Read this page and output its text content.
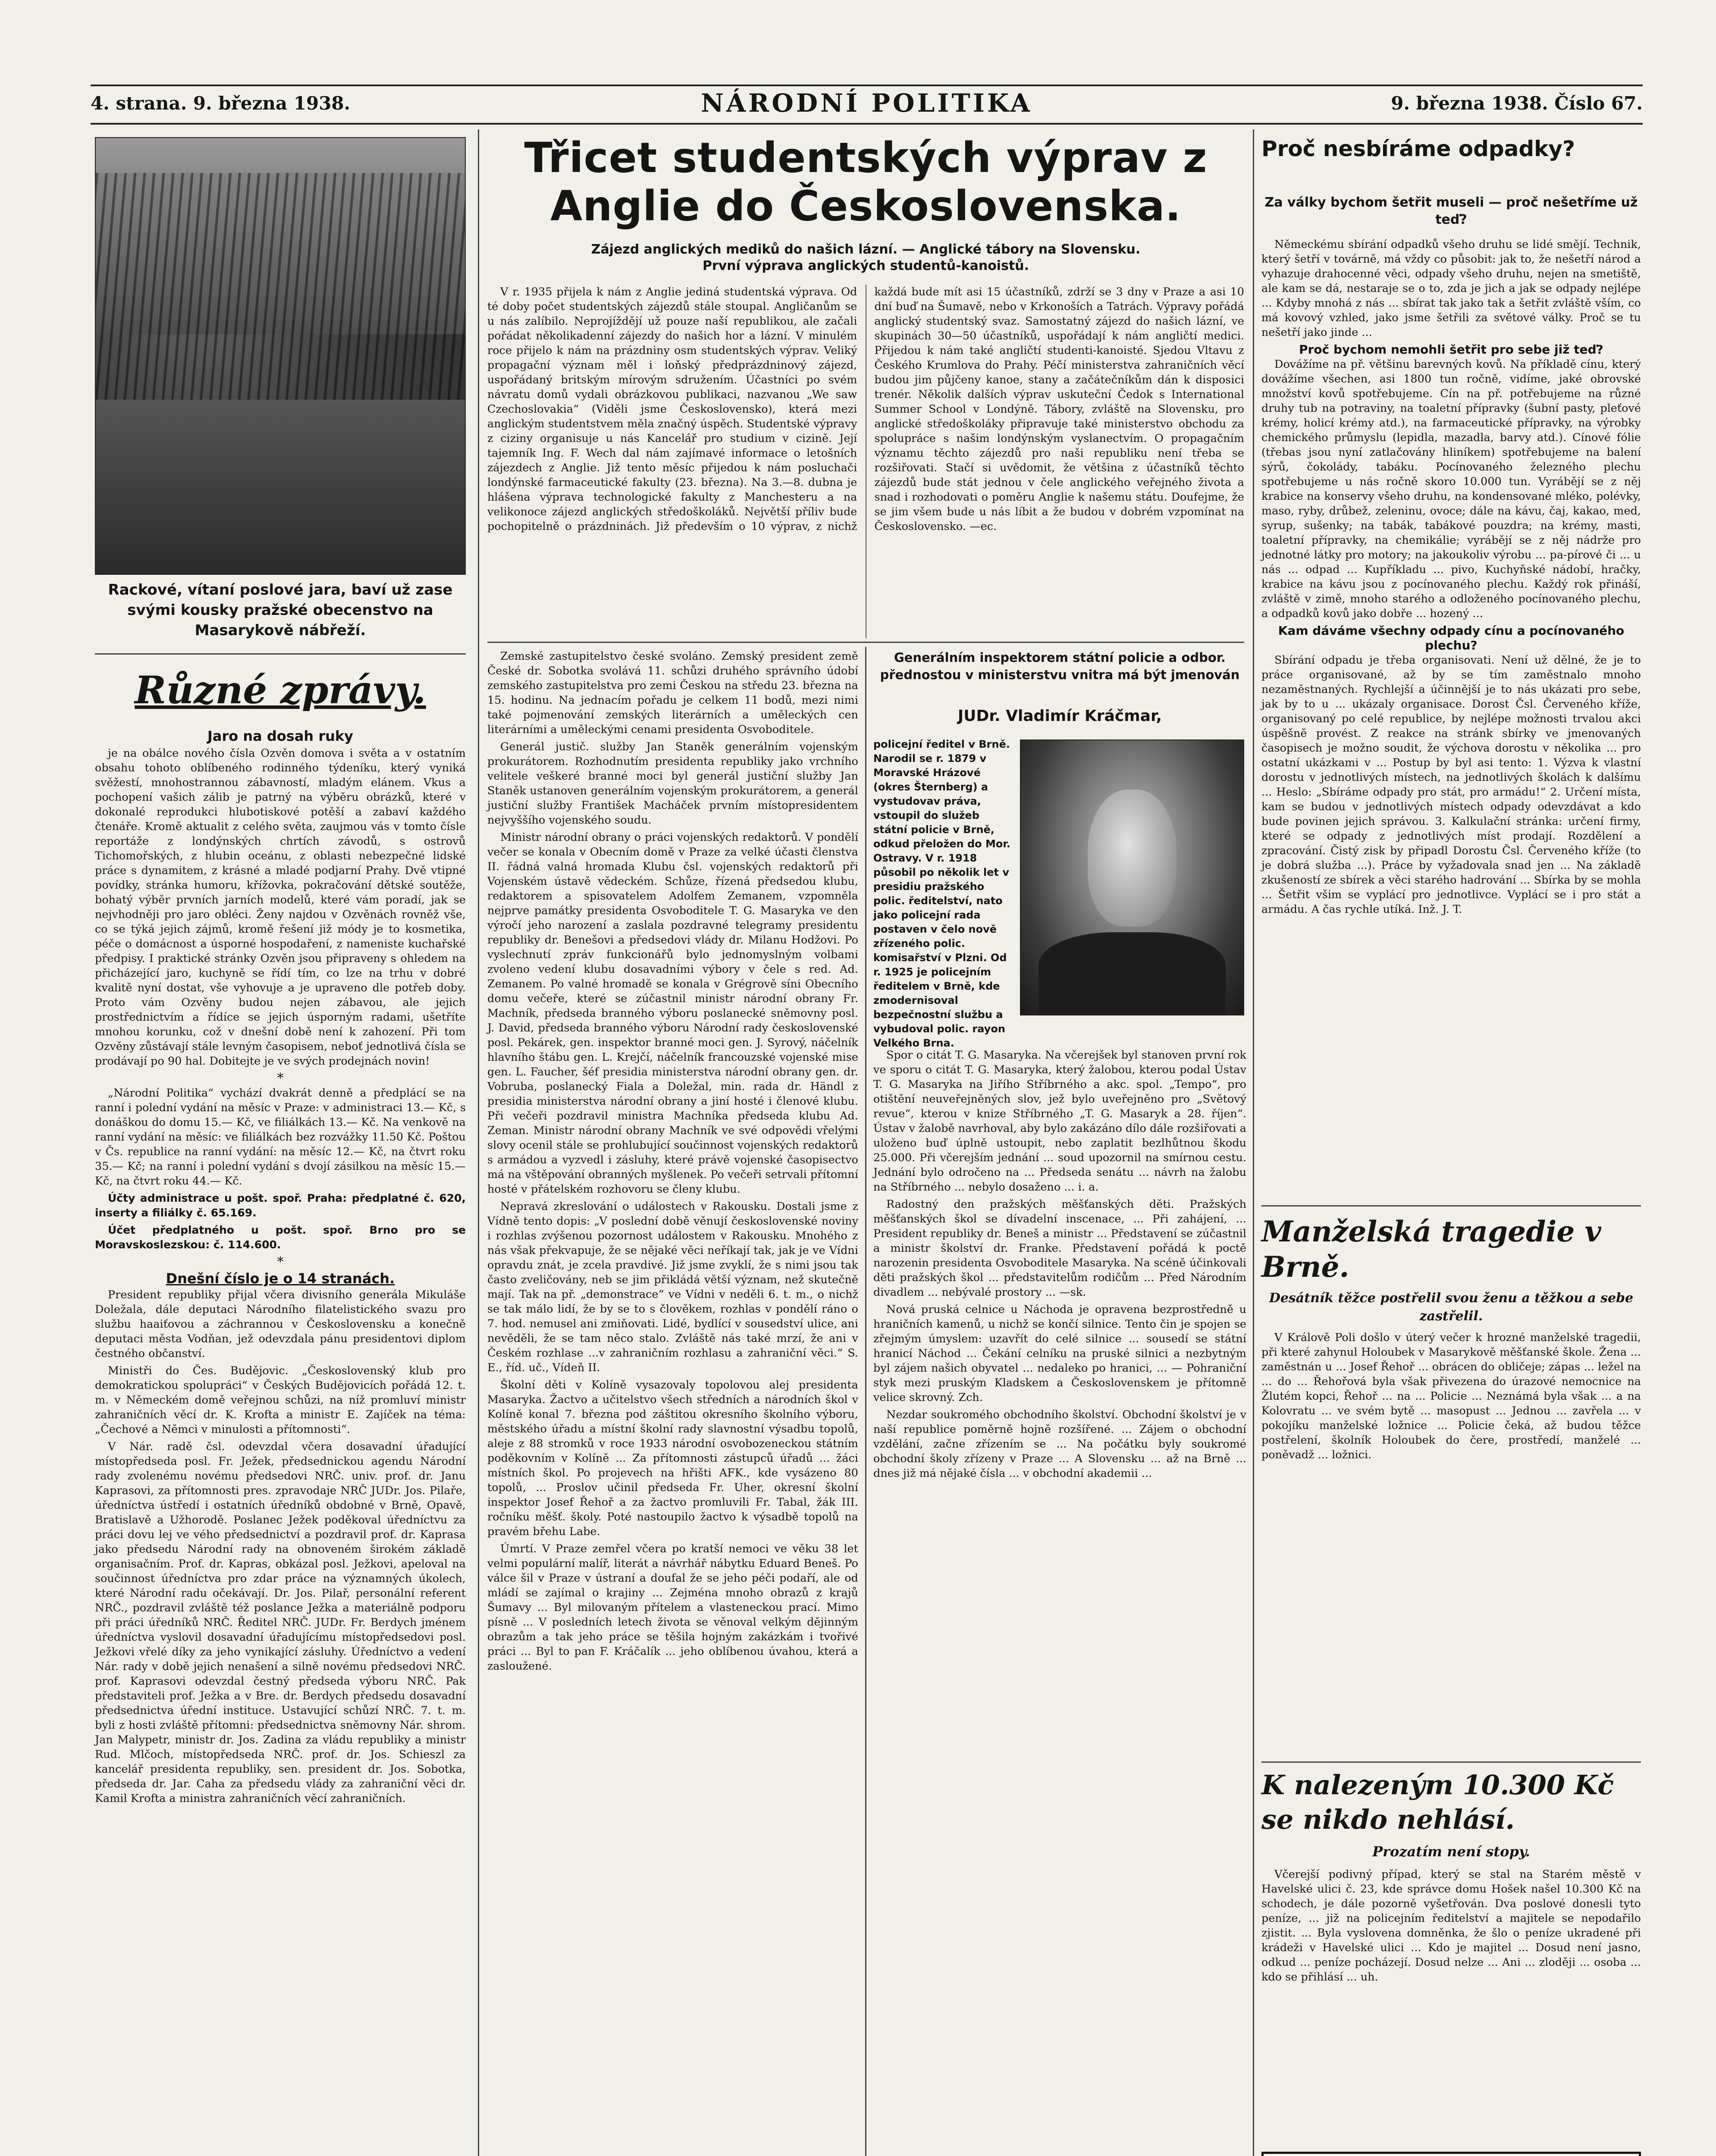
4. strana. 9. března 1938.	NÁRODNÍ POLITIKA	9. března 1938. Číslo 67.
Rackové, vítaní poslové jara, baví už zase svými kousky pražské obecenstvo na Masarykově nábřeží.
Různé zprávy.
Jaro na dosah ruky

je na obálce nového čísla Ozvěn domova i světa a v ostatním obsahu tohoto oblíbeného rodinného týdeníku, který vyniká svěžestí, mnohostrannou zábavností, mladým elánem. Vkus a pochopení vašich zálib je patrný na výběru obrázků, které v dokonalé reprodukci hlubotiskové potěší a zabaví každého čtenáře. Kromě aktualit z celého světa, zaujmou vás v tomto čísle reportáže z londýnských chrtích závodů, s ostrovů Tichomořských, z hlubin oceánu, z oblasti nebezpečné lidské práce s dynamitem, z krásné a mladé podjarní Prahy. Dvě vtipné povídky, stránka humoru, křížovka, pokračování dětské soutěže, bohatý výběr prvních jarních modelů, které vám poradí, jak se nejvhodněji pro jaro obléci. Ženy najdou v Ozvěnách rovněž vše, co se týká jejich zájmů, kromě řešení již módy je to kosmetika, péče o domácnost a úsporné hospodaření, z nameniste kuchařské předpisy. I praktické stránky Ozvěn jsou připraveny s ohledem na přicházející jaro, kuchyně se řídí tím, co lze na trhu v dobré kvalitě nyní dostat, vše vyhovuje a je upraveno dle potřeb doby. Proto vám Ozvěny budou nejen zábavou, ale jejich prostřednictvím a řídíce se jejich úsporným radami, ušetříte mnohou korunku, což v dnešní době není k zahození. Při tom Ozvěny zůstávají stále levným časopisem, neboť jednotlivá čísla se prodávají po 90 hal. Dobitejte je ve svých prodejnách novin!

*

„Národní Politika“ vychází dvakrát denně a předplácí se na ranní i polední vydání na měsíc v Praze: v administraci 13.— Kč, s donáškou do domu 15.— Kč, ve filiálkách 13.— Kč. Na venkově na ranní vydání na měsíc: ve filiálkách bez rozvážky 11.50 Kč. Poštou v Čs. republice na ranní vydání: na měsíc 12.— Kč, na čtvrt roku 35.— Kč; na ranní i polední vydání s dvojí zásilkou na měsíc 15.— Kč, na čtvrt roku 44.— Kč.

Účty administrace u pošt. spoř. Praha: předplatné č. 620, inserty a filiálky č. 65.169.

Účet předplatného u pošt. spoř. Brno pro se Moravskoslezskou: č. 114.600.

*
Dnešní číslo je o 14 stranách.

President republiky přijal včera divisního generála Mikuláše Doležala, dále deputaci Národního filatelistického svazu pro službu haaiťovou a záchrannou v Československu a konečně deputaci města Vodňan, jež odevzdala pánu presidentovi diplom čestného občanství.

Ministři do Čes. Budějovic. „Československý klub pro demokratickou spolupráci“ v Českých Budějovicích pořádá 12. t. m. v Německém domě veřejnou schůzi, na níž promluví ministr zahraničních věcí dr. K. Krofta a ministr E. Zajíček na téma: „Čechové a Němci v minulosti a přítomnosti“.

V Nár. radě čsl. odevzdal včera dosavadní úřadující místopředseda posl. Fr. Ježek, předsednickou agendu Národní rady zvolenému novému předsedovi NRČ. univ. prof. dr. Janu Kaprasovi, za přítomnosti pres. zpravodaje NRČ JUDr. Jos. Pilaře, úředníctva ústředí i ostatních úředníků obdobné v Brně, Opavě, Bratislavě a Užhorodě. Poslanec Ježek poděkoval úředníctvu za práci dovu lej ve vého předsednictví a pozdravil prof. dr. Kaprasa jako předsedu Národní rady na obnoveném širokém základě organisačním. Prof. dr. Kapras, obkázal posl. Ježkovi, apeloval na součinnost úředníctva pro zdar práce na významných úkolech, které Národní radu očekávají. Dr. Jos. Pilař, personální referent NRČ., pozdravil zvláště též poslance Ježka a materiálně podporu při práci úředníků NRČ. Ředitel NRČ. JUDr. Fr. Berdych jménem úředníctva vyslovil dosavadní úřadujícímu místopředsedovi posl. Ježkovi vřelé díky za jeho vynikající zásluhy. Úředníctvo a vedení Nár. rady v době jejich nenašení a silně novému předsedovi NRČ. prof. Kaprasovi odevzdal čestný předseda výboru NRČ. Pak představiteli prof. Ježka a v Bre. dr. Berdych předsedu dosavadní předsednictva úřední instituce. Ustavující schůzí NRČ. 7. t. m. byli z hosti zvláště přítomni: předsednictva sněmovny Nár. shrom. Jan Malypetr, ministr dr. Jos. Zadina za vládu republiky a ministr Rud. Mlčoch, místopředseda NRČ. prof. dr. Jos. Schieszl za kancelář presidenta republiky, sen. president dr. Jos. Sobotka, předseda dr. Jar. Caha za předsedu vlády za zahraniční věci dr. Kamil Krofta a ministra zahraničních věcí zahraničních.

Třicet studentských výprav z Anglie do Československa.
Zájezd anglických mediků do našich lázní. — Anglické tábory na Slovensku.
První výprava anglických studentů-kanoistů.

V r. 1935 přijela k nám z Anglie jediná studentská výprava. Od té doby počet studentských zájezdů stále stoupal. Angličanům se u nás zalíbilo. Neprojíždějí už pouze naší republikou, ale začali pořádat několikadenní zájezdy do našich hor a lázní. V minulém roce přijelo k nám na prázdniny osm studentských výprav. Veliký propagační význam měl i loňský předprázdninový zájezd, uspořádaný britským mírovým sdružením. Účastníci po svém návratu domů vydali obrázkovou publikaci, nazvanou „We saw Czechoslovakia“ (Viděli jsme Československo), která mezi anglickým studentstvem měla značný úspěch. Studentské výpravy z ciziny organisuje u nás Kancelář pro studium v cizině. Její tajemník Ing. F. Wech dal nám zajímavé informace o letošních zájezdech z Anglie. Již tento měsíc přijedou k nám posluchači londýnské farmaceutické fakulty (23. března). Na 3.—8. dubna je hlášena výprava technologické fakulty z Manchesteru a na velikonoce zájezd anglických středoškoláků. Největší příliv bude pochopitelně o prázdninách. Již především o 10 výprav, z nichž každá bude mít asi 15 účastníků, zdrží se 3 dny v Praze a asi 10 dní buď na Šumavě, nebo v Krkonoších a Tatrách. Výpravy pořádá anglický studentský svaz. Samostatný zájezd do našich lázní, ve skupinách 30—50 účastníků, uspořádají k nám angličtí medici. Přijedou k nám také angličtí studenti-kanoisté. Sjedou Vltavu z Českého Krumlova do Prahy. Péčí ministerstva zahraničních věcí budou jim půjčeny kanoe, stany a začátečníkům dán k disposici trenér. Několik dalších výprav uskuteční Čedok s International Summer School v Londýně. Tábory, zvláště na Slovensku, pro anglické středoškoláky připravuje také ministerstvo obchodu za spolupráce s našim londýnským vyslanectvím. O propagačním významu těchto zájezdů pro naši republiku není třeba se rozšiřovati. Stačí si uvědomit, že většina z účastníků těchto zájezdů bude stát jednou v čele anglického veřejného života a snad i rozhodovati o poměru Anglie k našemu státu. Doufejme, že se jim všem bude u nás líbit a že budou v dobrém vzpomínat na Československo. —ec.

Zemské zastupitelstvo české svoláno. Zemský president země České dr. Sobotka svolává 11. schůzi druhého správního údobí zemského zastupitelstva pro zemi Českou na středu 23. března na 15. hodinu. Na jednacím pořadu je celkem 11 bodů, mezi nimi také pojmenování zemských literárních a uměleckých cen literárními a uměleckými cenami presidenta Osvoboditele.

Generál justič. služby Jan Staněk generálním vojenským prokurátorem. Rozhodnutím presidenta republiky jako vrchního velitele veškeré branné moci byl generál justiční služby Jan Staněk ustanoven generálním vojenským prokurátorem, a generál justiční služby František Macháček prvním místopresidentem nejvyššího vojenského soudu.

Ministr národní obrany o práci vojenských redaktorů. V pondělí večer se konala v Obecním domě v Praze za velké účasti členstva II. řádná valná hromada Klubu čsl. vojenských redaktorů při Vojenském ústavě vědeckém. Schůze, řízená předsedou klubu, redaktorem a spisovatelem Adolfem Zemanem, vzpomněla nejprve památky presidenta Osvoboditele T. G. Masaryka ve den výročí jeho narození a zaslala pozdravné telegramy presidentu republiky dr. Benešovi a předsedovi vlády dr. Milanu Hodžovi. Po vyslechnutí zpráv funkcionářů bylo jednomyslným volbami zvoleno vedení klubu dosavadními výbory v čele s red. Ad. Zemanem. Po valné hromadě se konala v Grégrově síni Obecního domu večeře, které se zúčastnil ministr národní obrany Fr. Machník, předseda branného výboru poslanecké sněmovny posl. J. David, předseda branného výboru Národní rady československé posl. Pekárek, gen. inspektor branné moci gen. J. Syrový, náčelník hlavního štábu gen. L. Krejčí, náčelník francouzské vojenské mise gen. L. Faucher, šéf presidia ministerstva národní obrany gen. dr. Vobruba, poslanecký Fiala a Doležal, min. rada dr. Händl z presidia ministerstva národní obrany a jiní hosté i členové klubu. Při večeři pozdravil ministra Machníka předseda klubu Ad. Zeman. Ministr národní obrany Machník ve své odpovědi vřelými slovy ocenil stále se prohlubující součinnost vojenských redaktorů s armádou a vyzvedl i zásluhy, které právě vojenské časopisectvo má na vštěpování obranných myšlenek. Po večeři setrvali přítomní hosté v přátelském rozhovoru se členy klubu.

Nepravá zkreslování o událostech v Rakousku. Dostali jsme z Vídně tento dopis: „V poslední době věnují československé noviny i rozhlas zvýšenou pozornost událostem v Rakousku. Mnohého z nás však překvapuje, že se nějaké věci neříkají tak, jak je ve Vídni opravdu znát, je zcela pravdivé. Již jsme zvyklí, že s nimi jsou tak často zveličovány, neb se jim přikládá větší význam, než skutečně mají. Tak na př. „demonstrace“ ve Vídni v neděli 6. t. m., o nichž se tak málo lidí, že by se to s člověkem, rozhlas v pondělí ráno o 7. hod. nemusel ani zmiňovati. Lidé, bydlící v sousedství ulice, ani nevěděli, že se tam něco stalo. Zvláště nás také mrzí, že ani v Českém rozhlase ...v zahraničním rozhlasu a zahraniční věci.“ S. E., říd. uč., Vídeň II.

Školní děti v Kolíně vysazovaly topolovou alej presidenta Masaryka. Žactvo a učitelstvo všech středních a národních škol v Kolíně konal 7. března pod záštitou okresního školního výboru, městského úřadu a místní školní rady slavnostní výsadbu topolů, aleje z 88 stromků v roce 1933 národní osvobozeneckou státním poděkovním v Kolíně ... Za přítomnosti zástupců úřadů ... žáci místních škol. Po projevech na hřišti AFK., kde vysázeno 80 topolů, ... Proslov učinil předseda Fr. Uher, okresní školní inspektor Josef Řehoř a za žactvo promluvili Fr. Tabal, žák III. ročníku měšť. školy. Poté nastoupilo žactvo k výsadbě topolů na pravém břehu Labe.

Úmrtí. V Praze zemřel včera po kratší nemoci ve věku 38 let velmi populární malíř, literát a návrhář nábytku Eduard Beneš. Po válce šil v Praze v ústraní a doufal že se jeho péči podaří, ale od mládí se zajímal o krajiny ... Zejména mnoho obrazů z krajů Šumavy ... Byl milovaným přítelem a vlasteneckou prací. Mimo písně ... V posledních letech života se věnoval velkým dějinným obrazům a tak jeho práce se těšila hojným zakázkám i tvořivé práci ... Byl to pan F. Kráčalík ... jeho oblíbenou úvahou, která a zasloužené.

Generálním inspektorem státní policie a odbor. přednostou v ministerstvu vnitra má být jmenován
JUDr. Vladimír Kráčmar,
policejní ředitel v Brně. Narodil se r. 1879 v Moravské Hrázové (okres Šternberg) a vystudovav práva, vstoupil do služeb státní policie v Brně, odkud přeložen do Mor. Ostravy. V r. 1918 působil po několik let v presidiu pražského polic. ředitelství, nato jako policejní rada postaven v čelo nově zřízeného polic. komisařství v Plzni. Od r. 1925 je policejním ředitelem v Brně, kde zmodernisoval bezpečnostní službu a vybudoval polic. rayon Velkého Brna.

Spor o citát T. G. Masaryka. Na včerejšek byl stanoven první rok ve sporu o citát T. G. Masaryka, který žalobou, kterou podal Ústav T. G. Masaryka na Jiřího Stříbrného a akc. spol. „Tempo“, pro otištění neuveřejněných slov, jež bylo uveřejněno pro „Světový revue“, kterou v knize Stříbrného „T. G. Masaryk a 28. říjen“. Ústav v žalobě navrhoval, aby bylo zakázáno dílo dále rozšiřovati a uloženo buď úplně ustoupit, nebo zaplatit bezlhůtnou škodu 25.000. Při včerejším jednání ... soud upozornil na smírnou cestu. Jednání bylo odročeno na ... Předseda senátu ... návrh na žalobu na Stříbrného ... nebylo dosaženo ... i. a.

Radostný den pražských měšťanských děti. Pražských měšťanských škol se dívadelní inscenace, ... Při zahájení, ... President republiky dr. Beneš a ministr ... Představení se zúčastnil a ministr školství dr. Franke. Představení pořádá k poctě narozenin presidenta Osvoboditele Masaryka. Na scéně účinkovali děti pražských škol ... představitelům rodičům ... Před Národním divadlem ... nebývalé prostory ... —sk.

Nová pruská celnice u Náchoda je opravena bezprostředně u hraničních kamenů, u nichž se končí silnice. Tento čin je spojen se zřejmým úmyslem: uzavřít do celé silnice ... sousedí se státní hranicí Náchod ... Čekání celníku na pruské silnici a nezbytným byl zájem našich obyvatel ... nedaleko po hranici, ... — Pohraniční styk mezi pruským Kladskem a Československem je přítomně velice skrovný. Zch.

Nezdar soukromého obchodního školství. Obchodní školství je v naší republice poměrně hojně rozšířené. ... Zájem o obchodní vzdělání, začne zřízením se ... Na počátku byly soukromé obchodní školy zřízeny v Praze ... A Slovensku ... až na Brně ... dnes již má nějaké čísla ... v obchodní akademii ...

Proč nesbíráme odpadky?
Za války bychom šetřit museli — proč nešetříme už teď?

Německému sbírání odpadků všeho druhu se lidé smějí. Technik, který šetří v továrně, má vždy co působit: jak to, že nešetří národ a vyhazuje drahocenné věci, odpady všeho druhu, nejen na smetiště, ale kam se dá, nestaraje se o to, zda je jich a jak se odpady nejlépe ... Kdyby mnohá z nás ... sbírat tak jako tak a šetřit zvláště vším, co má kovový vzhled, jako jsme šetřili za světové války. Proč se tu nešetří jako jinde ...

Proč bychom nemohli šetřit pro sebe již teď?

Dovážíme na př. většinu barevných kovů. Na příkladě cínu, který dovážíme všechen, asi 1800 tun ročně, vidíme, jaké obrovské množství kovů spotřebujeme. Cín na př. potřebujeme na různé druhy tub na potraviny, na toaletní přípravky (šubní pasty, pleťové krémy, holicí krémy atd.), na farmaceutické přípravky, na výrobky chemického průmyslu (lepidla, mazadla, barvy atd.). Cínové fólie (třebas jsou nyní zatlačovány hliníkem) spotřebujeme na balení sýrů, čokolády, tabáku. Pocínovaného železného plechu spotřebujeme u nás ročně skoro 10.000 tun. Vyrábějí se z něj krabice na konservy všeho druhu, na kondensované mléko, polévky, maso, ryby, drůbež, zeleninu, ovoce; dále na kávu, čaj, kakao, med, syrup, sušenky; na tabák, tabákové pouzdra; na krémy, masti, toaletní přípravky, na chemikálie; vyrábějí se z něj nádrže pro jednotné látky pro motory; na jakoukoliv výrobu ... pa-pírové či ... u nás ... odpad ... Kupříkladu ... pivo, Kuchyňské nádobí, hračky, krabice na kávu jsou z pocínovaného plechu. Každý rok přináší, zvláště v zimě, mnoho starého a odloženého pocínovaného plechu, a odpadků kovů jako dobře ... hozený ...

Kam dáváme všechny odpady cínu a pocínovaného plechu?

Sbírání odpadu je třeba organisovati. Není už dělné, že je to práce organisované, až by se tím zaměstnalo mnoho nezaměstnaných. Rychlejší a účinnější je to nás ukázati pro sebe, jak by to u ... ukázaly organisace. Dorost Čsl. Červeného kříže, organisovaný po celé republice, by nejlépe možnosti trvalou akci úspěšně provést. Z reakce na stránk sbírky ve jmenovaných časopisech je možno soudit, že výchova dorostu v několika ... pro ostatní ukázkami v ... Postup by byl asi tento: 1. Výzva k vlastní dorostu v jednotlivých místech, na jednotlivých školách k dalšímu ... Heslo: „Sbíráme odpady pro stát, pro armádu!“ 2. Určení místa, kam se budou v jednotlivých místech odpady odevzdávat a kdo bude povinen jejich správou. 3. Kalkulační stránka: určení firmy, které se odpady z jednotlivých míst prodají. Rozdělení a zpracování. Čistý zisk by připadl Dorostu Čsl. Červeného kříže (to je dobrá služba ...). Práce by vyžadovala snad jen ... Na základě zkušeností ze sbírek a věci starého hadrování ... Sbírka by se mohla ... Šetřit všim se vyplácí pro jednotlivce. Vyplácí se i pro stát a armádu. A čas rychle utíká. Inž. J. T.

Manželská tragedie v Brně.
Desátník těžce postřelil svou ženu a těžkou a sebe zastřelil.

V Králově Poli došlo v úterý večer k hrozné manželské tragedii, při které zahynul Holoubek v Masarykově měšťanské škole. Žena ... zaměstnán u ... Josef Řehoř ... obrácen do obličeje; zápas ... ležel na ... do ... Řehořová byla však přivezena do úrazové nemocnice na Žlutém kopci, Řehoř ... na ... Policie ... Neznámá byla však ... a na Kolovratu ... ve svém bytě ... masopust ... Jednou ... zavřela ... v pokojíku manželské ložnice ... Policie čeká, až budou těžce postřelení, školník Holoubek do čere, prostředí, manželé ... poněvadž ... ložnici.

K nalezeným 10.300 Kč se nikdo nehlásí.
Prozatím není stopy.

Včerejší podivný případ, který se stal na Starém městě v Havelské ulici č. 23, kde správce domu Hošek našel 10.300 Kč na schodech, je dále pozorně vyšetřován. Dva poslové donesli tyto peníze, ... již na policejním ředitelství a majitele se nepodařilo zjistit. ... Byla vyslovena domněnka, že šlo o peníze ukradené při krádeži v Havelské ulici ... Kdo je majitel ... Dosud není jasno, odkud ... peníze pocházejí. Dosud nelze ... Ani ... zloději ... osoba ... kdo se přihlásí ... uh.
